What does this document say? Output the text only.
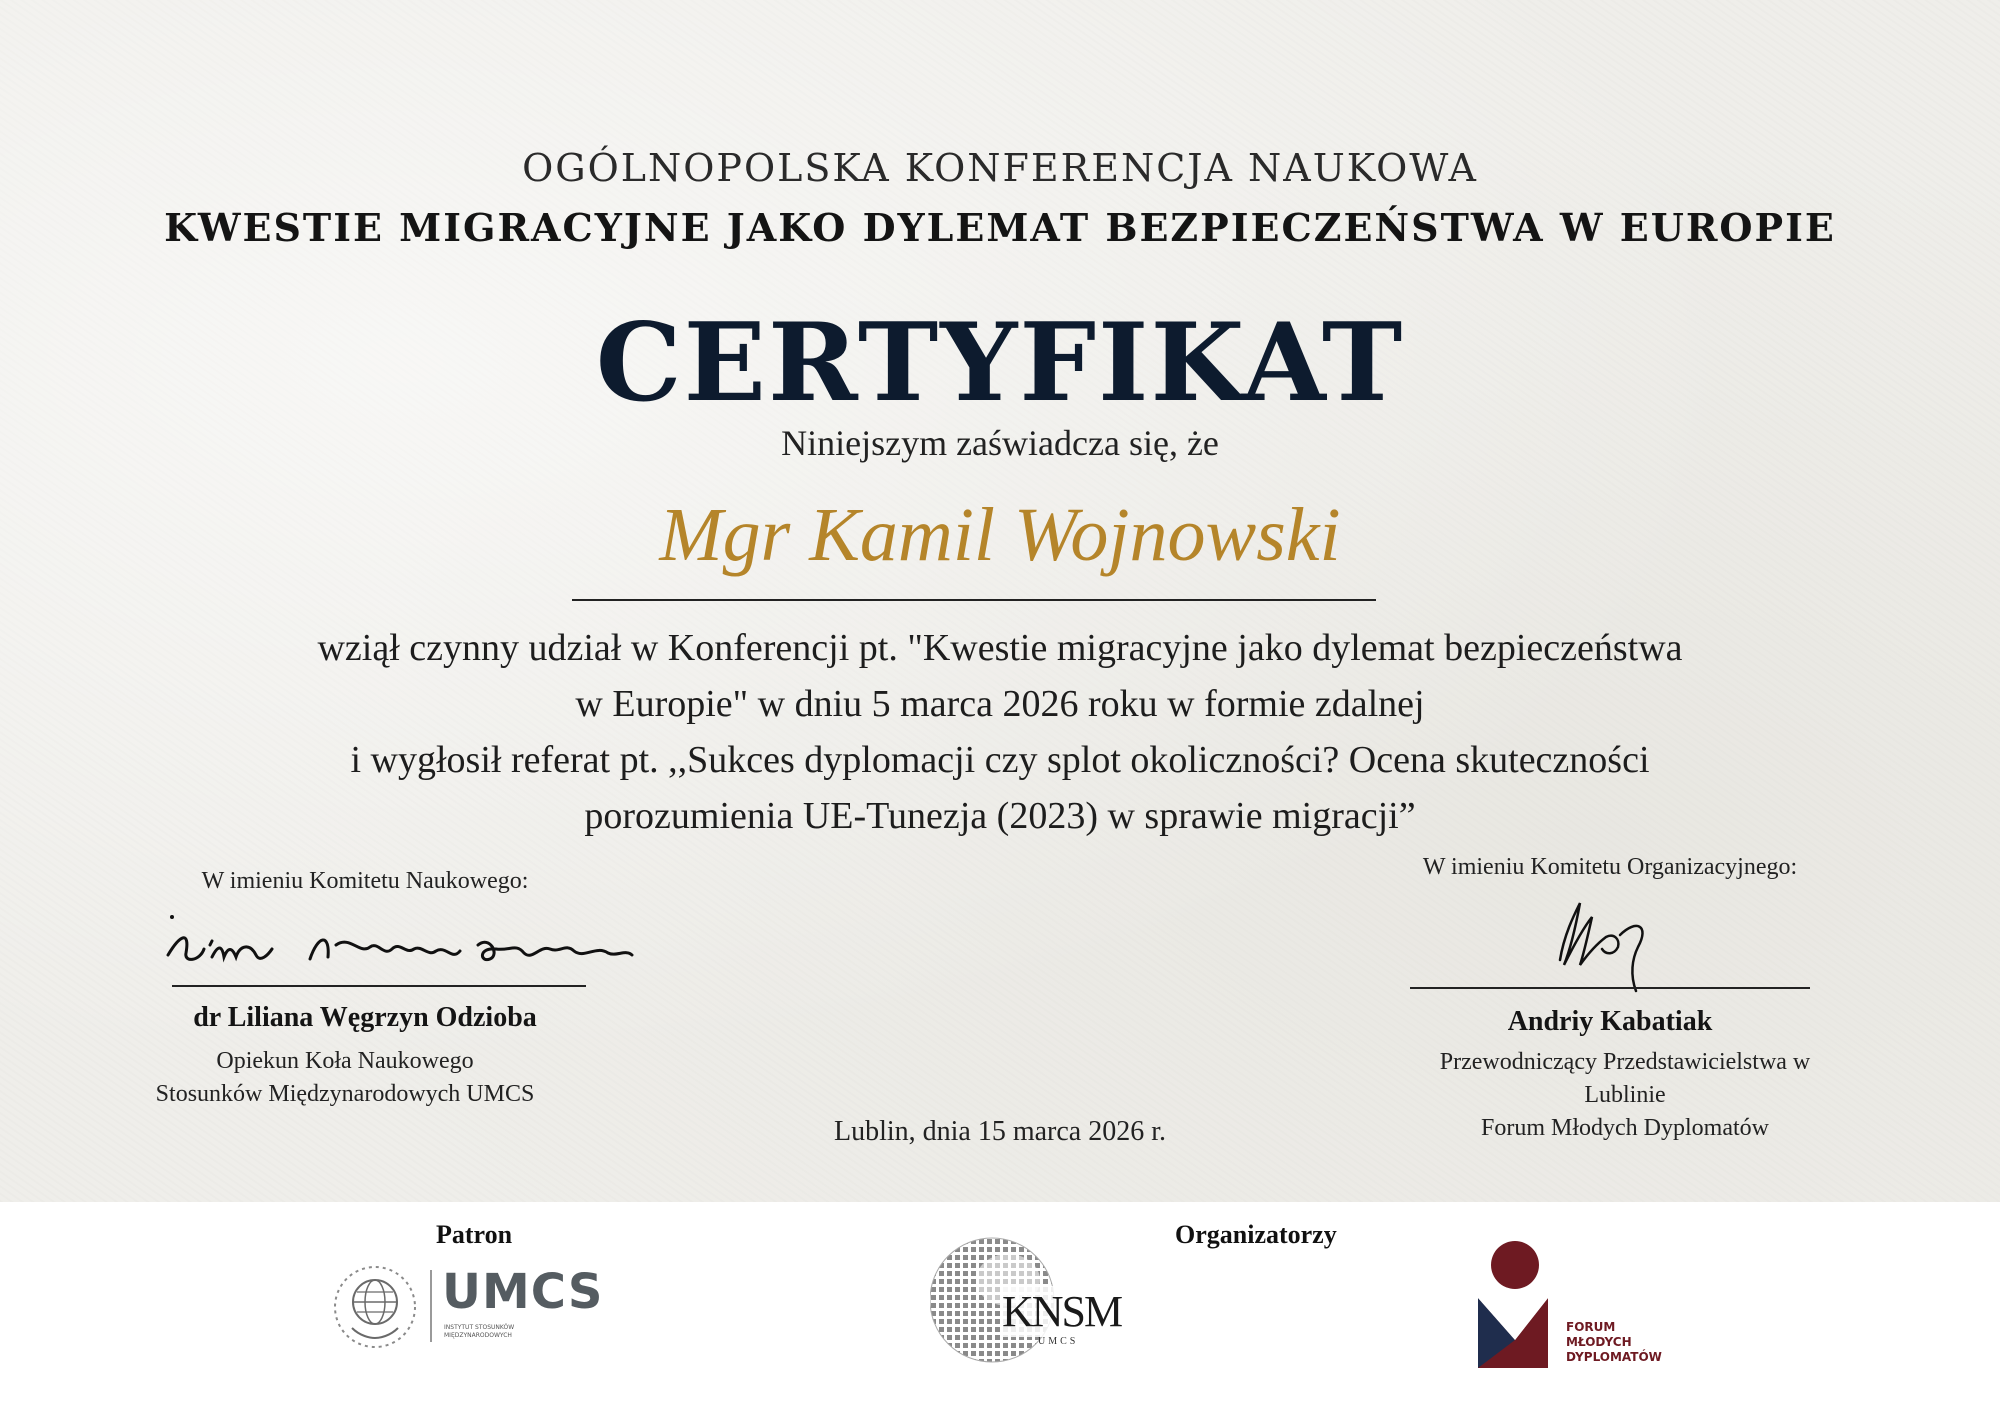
OGÓLNOPOLSKA KONFERENCJA NAUKOWA
KWESTIE MIGRACYJNE JAKO DYLEMAT BEZPIECZEŃSTWA W EUROPIE
CERTYFIKAT
Niniejszym zaświadcza się, że
Mgr Kamil Wojnowski
wziął czynny udział w Konferencji pt. "Kwestie migracyjne jako dylemat bezpieczeństwa
w Europie" w dniu 5 marca 2026 roku w formie zdalnej
i wygłosił referat pt. ,,Sukces dyplomacji czy splot okoliczności? Ocena skuteczności
porozumienia UE-Tunezja (2023) w sprawie migracji”
W imieniu Komitetu Naukowego:
dr Liliana Węgrzyn Odzioba
Opiekun Koła Naukowego
Stosunków Międzynarodowych UMCS
W imieniu Komitetu Organizacyjnego:
Andriy Kabatiak
Przewodniczący Przedstawicielstwa w
Lublinie
Forum Młodych Dyplomatów
Lublin, dnia 15 marca 2026 r.
Patron	Organizatorzy
UMCS
INSTYTUT STOSUNKÓW
MIĘDZYNARODOWYCH	KNSM
UMCS
FORUM
MŁODYCH
DYPLOMATÓW
